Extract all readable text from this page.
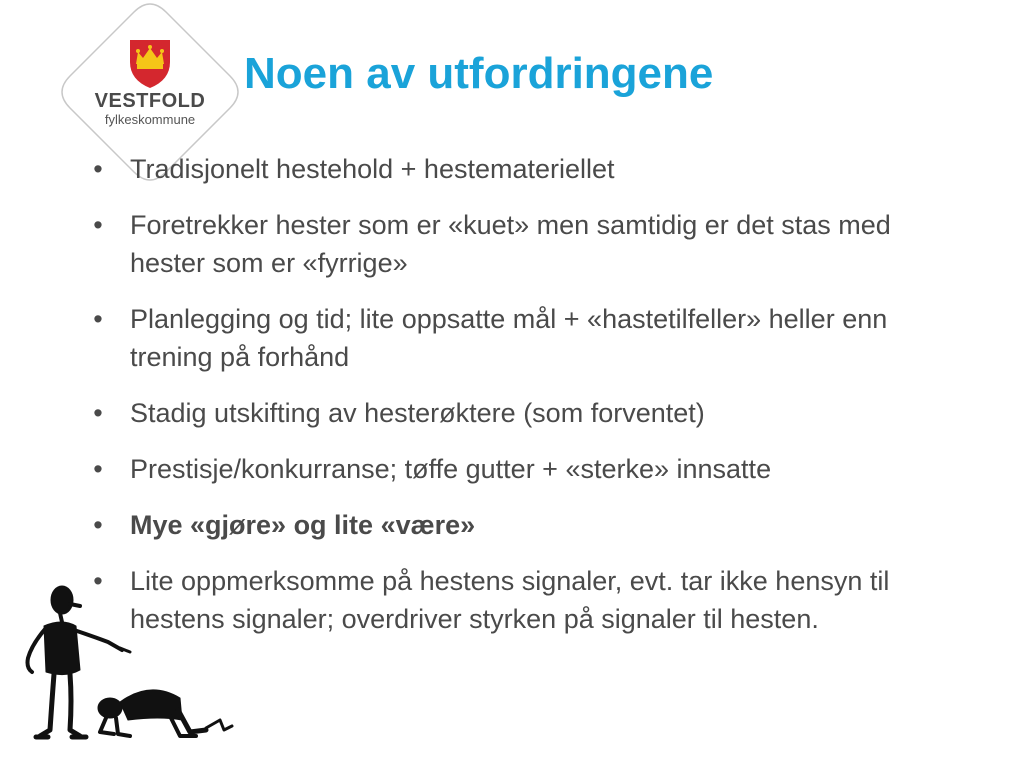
VESTFOLD
fylkeskommune
Noen av utfordringene
• Tradisjonelt hestehold + hestemateriellet
• Foretrekker hester som er «kuet» men samtidig er det stas med hester som er «fyrrige»
• Planlegging og tid; lite oppsatte mål + «hastetilfeller» heller enn trening på forhånd
• Stadig utskifting av hesterøktere (som forventet)
• Prestisje/konkurranse; tøffe gutter + «sterke» innsatte
• Mye «gjøre» og lite «være»
• Lite oppmerksomme på hestens signaler, evt. tar ikke hensyn til hestens signaler; overdriver styrken på signaler til hesten.
